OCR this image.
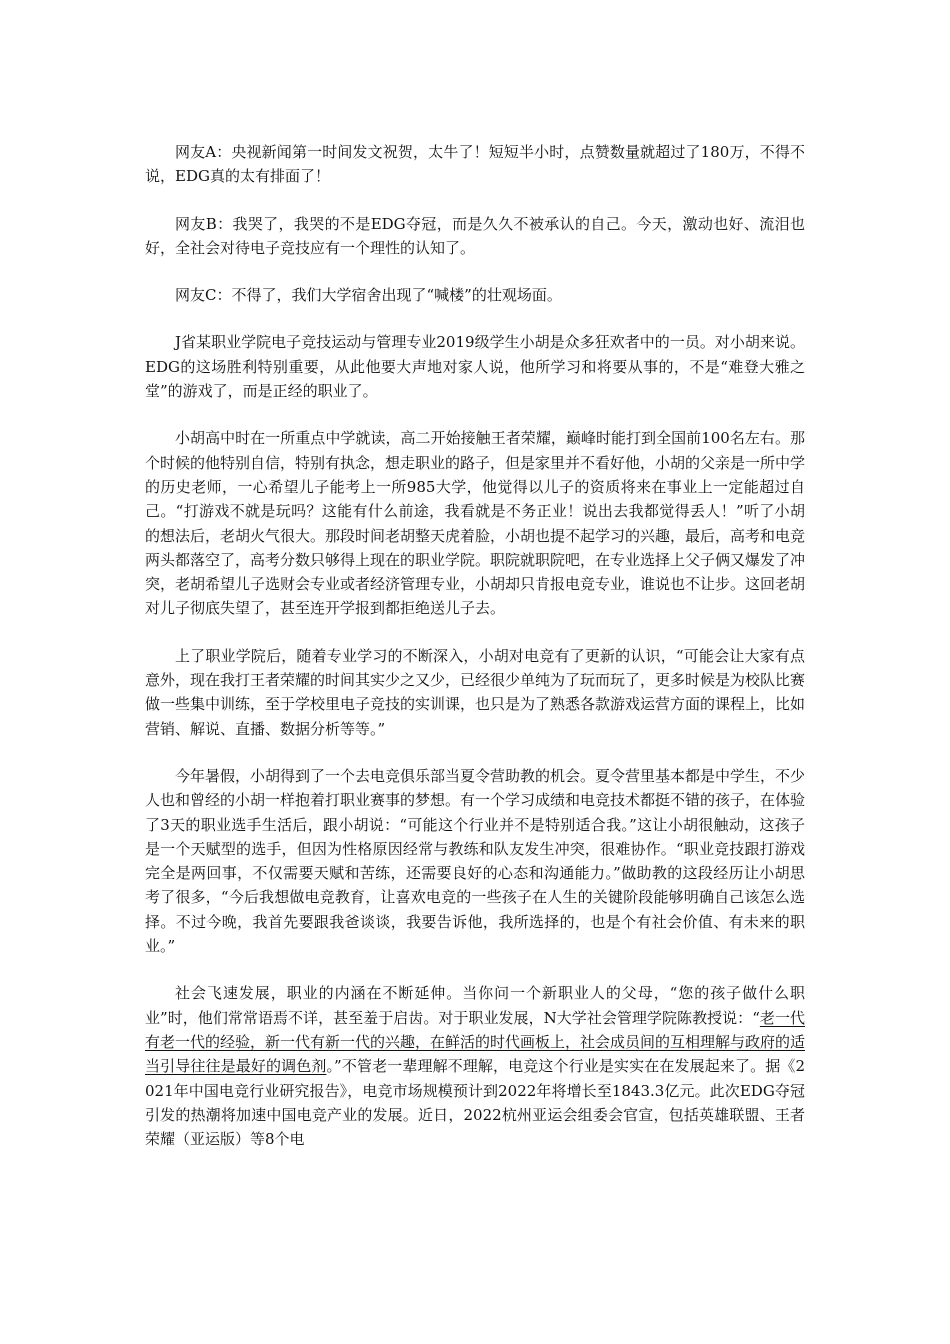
网友A：央视新闻第一时间发文祝贺，太牛了！短短半小时，点赞数量就超过了180万，不得不说，EDG真的太有排面了！

网友B：我哭了，我哭的不是EDG夺冠，而是久久不被承认的自己。今天，激动也好、流泪也好，全社会对待电子竞技应有一个理性的认知了。

网友C：不得了，我们大学宿舍出现了“喊楼”的壮观场面。

J省某职业学院电子竞技运动与管理专业2019级学生小胡是众多狂欢者中的一员。对小胡来说。EDG的这场胜利特别重要，从此他要大声地对家人说，他所学习和将要从事的，不是“难登大雅之堂”的游戏了，而是正经的职业了。

小胡高中时在一所重点中学就读，高二开始接触王者荣耀，巅峰时能打到全国前100名左右。那个时候的他特别自信，特别有执念，想走职业的路子，但是家里并不看好他，小胡的父亲是一所中学的历史老师，一心希望儿子能考上一所985大学，他觉得以儿子的资质将来在事业上一定能超过自己。“打游戏不就是玩吗？这能有什么前途，我看就是不务正业！说出去我都觉得丢人！”听了小胡的想法后，老胡火气很大。那段时间老胡整天虎着脸，小胡也提不起学习的兴趣，最后，高考和电竞两头都落空了，高考分数只够得上现在的职业学院。职院就职院吧，在专业选择上父子俩又爆发了冲突，老胡希望儿子选财会专业或者经济管理专业，小胡却只肯报电竞专业，谁说也不让步。这回老胡对儿子彻底失望了，甚至连开学报到都拒绝送儿子去。

上了职业学院后，随着专业学习的不断深入，小胡对电竞有了更新的认识，“可能会让大家有点意外，现在我打王者荣耀的时间其实少之又少，已经很少单纯为了玩而玩了，更多时候是为校队比赛做一些集中训练，至于学校里电子竞技的实训课，也只是为了熟悉各款游戏运营方面的课程上，比如营销、解说、直播、数据分析等等。”

今年暑假，小胡得到了一个去电竞俱乐部当夏令营助教的机会。夏令营里基本都是中学生，不少人也和曾经的小胡一样抱着打职业赛事的梦想。有一个学习成绩和电竞技术都挺不错的孩子，在体验了3天的职业选手生活后，跟小胡说：“可能这个行业并不是特别适合我。”这让小胡很触动，这孩子是一个天赋型的选手，但因为性格原因经常与教练和队友发生冲突，很难协作。“职业竞技跟打游戏完全是两回事，不仅需要天赋和苦练，还需要良好的心态和沟通能力。”做助教的这段经历让小胡思考了很多，“今后我想做电竞教育，让喜欢电竞的一些孩子在人生的关键阶段能够明确自己该怎么选择。不过今晚，我首先要跟我爸谈谈，我要告诉他，我所选择的，也是个有社会价值、有未来的职业。”

社会飞速发展，职业的内涵在不断延伸。当你问一个新职业人的父母，“您的孩子做什么职业”时，他们常常语焉不详，甚至羞于启齿。对于职业发展，N大学社会管理学院陈教授说：“老一代有老一代的经验，新一代有新一代的兴趣，在鲜活的时代画板上，社会成员间的互相理解与政府的适当引导往往是最好的调色剂。”不管老一辈理解不理解，电竞这个行业是实实在在发展起来了。据《2021年中国电竞行业研究报告》，电竞市场规模预计到2022年将增长至1843.3亿元。此次EDG夺冠引发的热潮将加速中国电竞产业的发展。近日，2022杭州亚运会组委会官宣，包括英雄联盟、王者荣耀（亚运版）等8个电
